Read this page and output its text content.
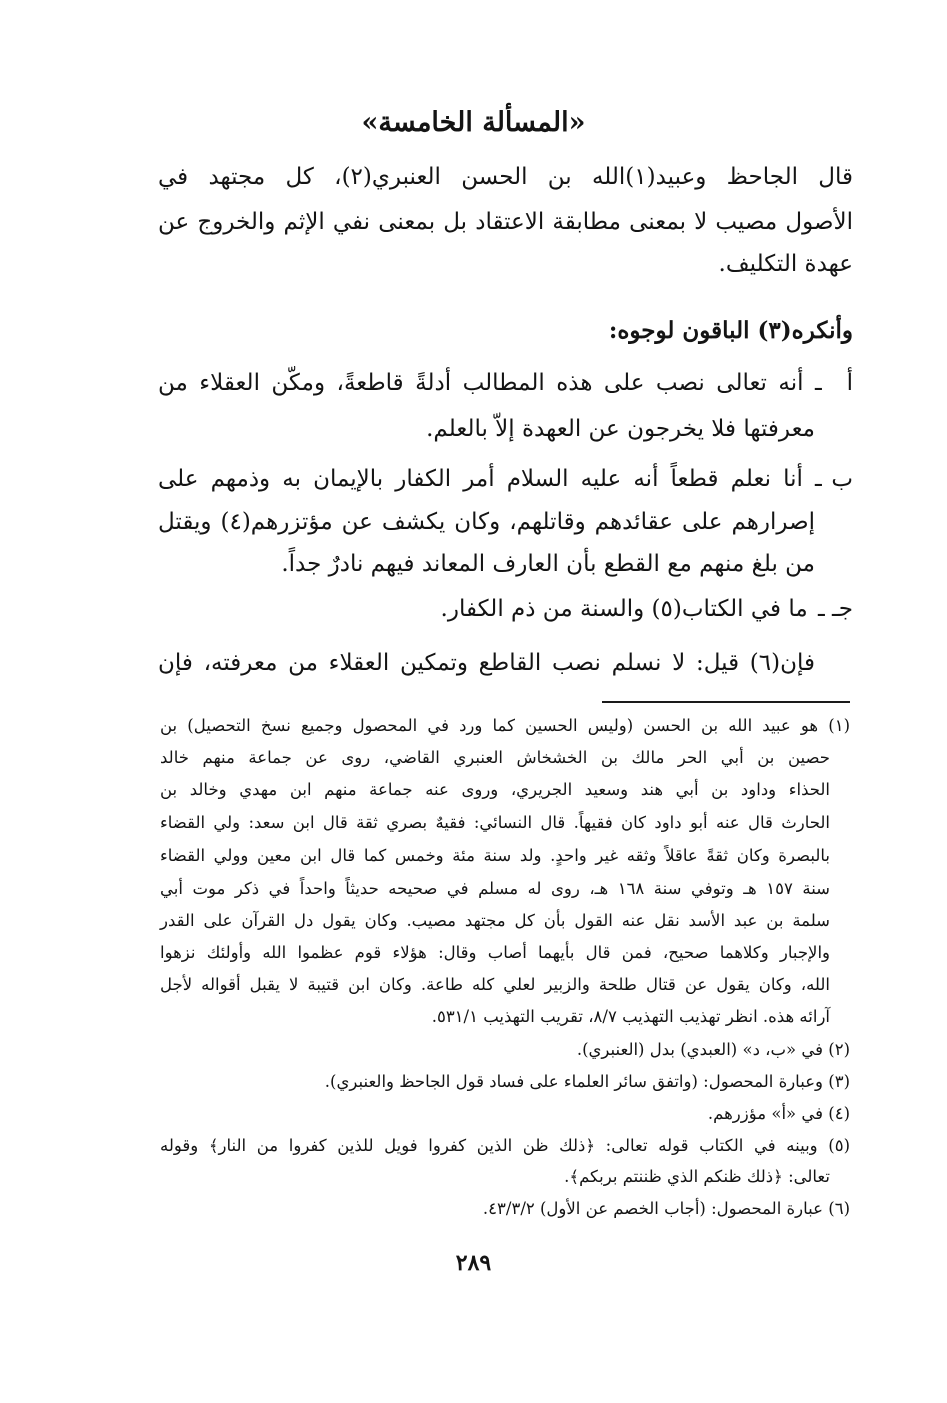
«المسألة الخامسة»
قال الجاحظ وعبيد(١)الله بن الحسن العنبري(٢)، كل مجتهد في
الأصول مصيب لا بمعنى مطابقة الاعتقاد بل بمعنى نفي الإثم والخروج عن
عهدة التكليف.
وأنكره(٣) الباقون لوجوه:
أ ـ أنه تعالى نصب على هذه المطالب أدلةً قاطعةً، ومكّن العقلاء من
معرفتها فلا يخرجون عن العهدة إلاّ بالعلم.
ب ـ أنا نعلم قطعاً أنه عليه السلام أمر الكفار بالإيمان به وذمهم على
إصرارهم على عقائدهم وقاتلهم، وكان يكشف عن مؤتزرهم(٤) ويقتل
من بلغ منهم مع القطع بأن العارف المعاند فيهم نادرٌ جداً.
جـ ـ ما في الكتاب(٥) والسنة من ذم الكفار.
فإن(٦) قيل: لا نسلم نصب القاطع وتمكين العقلاء من معرفته، فإن
(١) هو عبيد الله بن الحسن (وليس الحسين كما ورد في المحصول وجميع نسخ التحصيل) بن
حصين بن أبي الحر مالك بن الخشخاش العنبري القاضي، روى عن جماعة منهم خالد
الحذاء وداود بن أبي هند وسعيد الجريري، وروى عنه جماعة منهم ابن مهدي وخالد بن
الحارث قال عنه أبو داود كان فقيهاً. قال النسائي: فقيهٌ بصري ثقة قال ابن سعد: ولي القضاء
بالبصرة وكان ثقةً عاقلاً وثقه غير واحدٍ. ولد سنة مئة وخمس كما قال ابن معين وولي القضاء
سنة ١٥٧ هـ وتوفي سنة ١٦٨ هـ، روى له مسلم في صحيحه حديثاً واحداً في ذكر موت أبي
سلمة بن عبد الأسد نقل عنه القول بأن كل مجتهد مصيب. وكان يقول دل القرآن على القدر
والإجبار وكلاهما صحيح، فمن قال بأيهما أصاب وقال: هؤلاء قوم عظموا الله وأولئك نزهوا
الله، وكان يقول عن قتال طلحة والزبير لعلي كله طاعة. وكان ابن قتيبة لا يقبل أقواله لأجل
آرائه هذه. انظر تهذيب التهذيب ٨/٧، تقريب التهذيب ٥٣١/١.
(٢) في «ب، د» (العبدي) بدل (العنبري).
(٣) وعبارة المحصول: (واتفق سائر العلماء على فساد قول الجاحظ والعنبري).
(٤) في «أ» مؤزرهم.
(٥) وبينه في الكتاب قوله تعالى: ﴿ذلك ظن الذين كفروا فويل للذين كفروا من النار﴾ وقوله
تعالى: ﴿ذلك ظنكم الذي ظننتم بربكم﴾.
(٦) عبارة المحصول: (أجاب الخصم عن الأول) ٤٣/٣/٢.
٢٨٩
